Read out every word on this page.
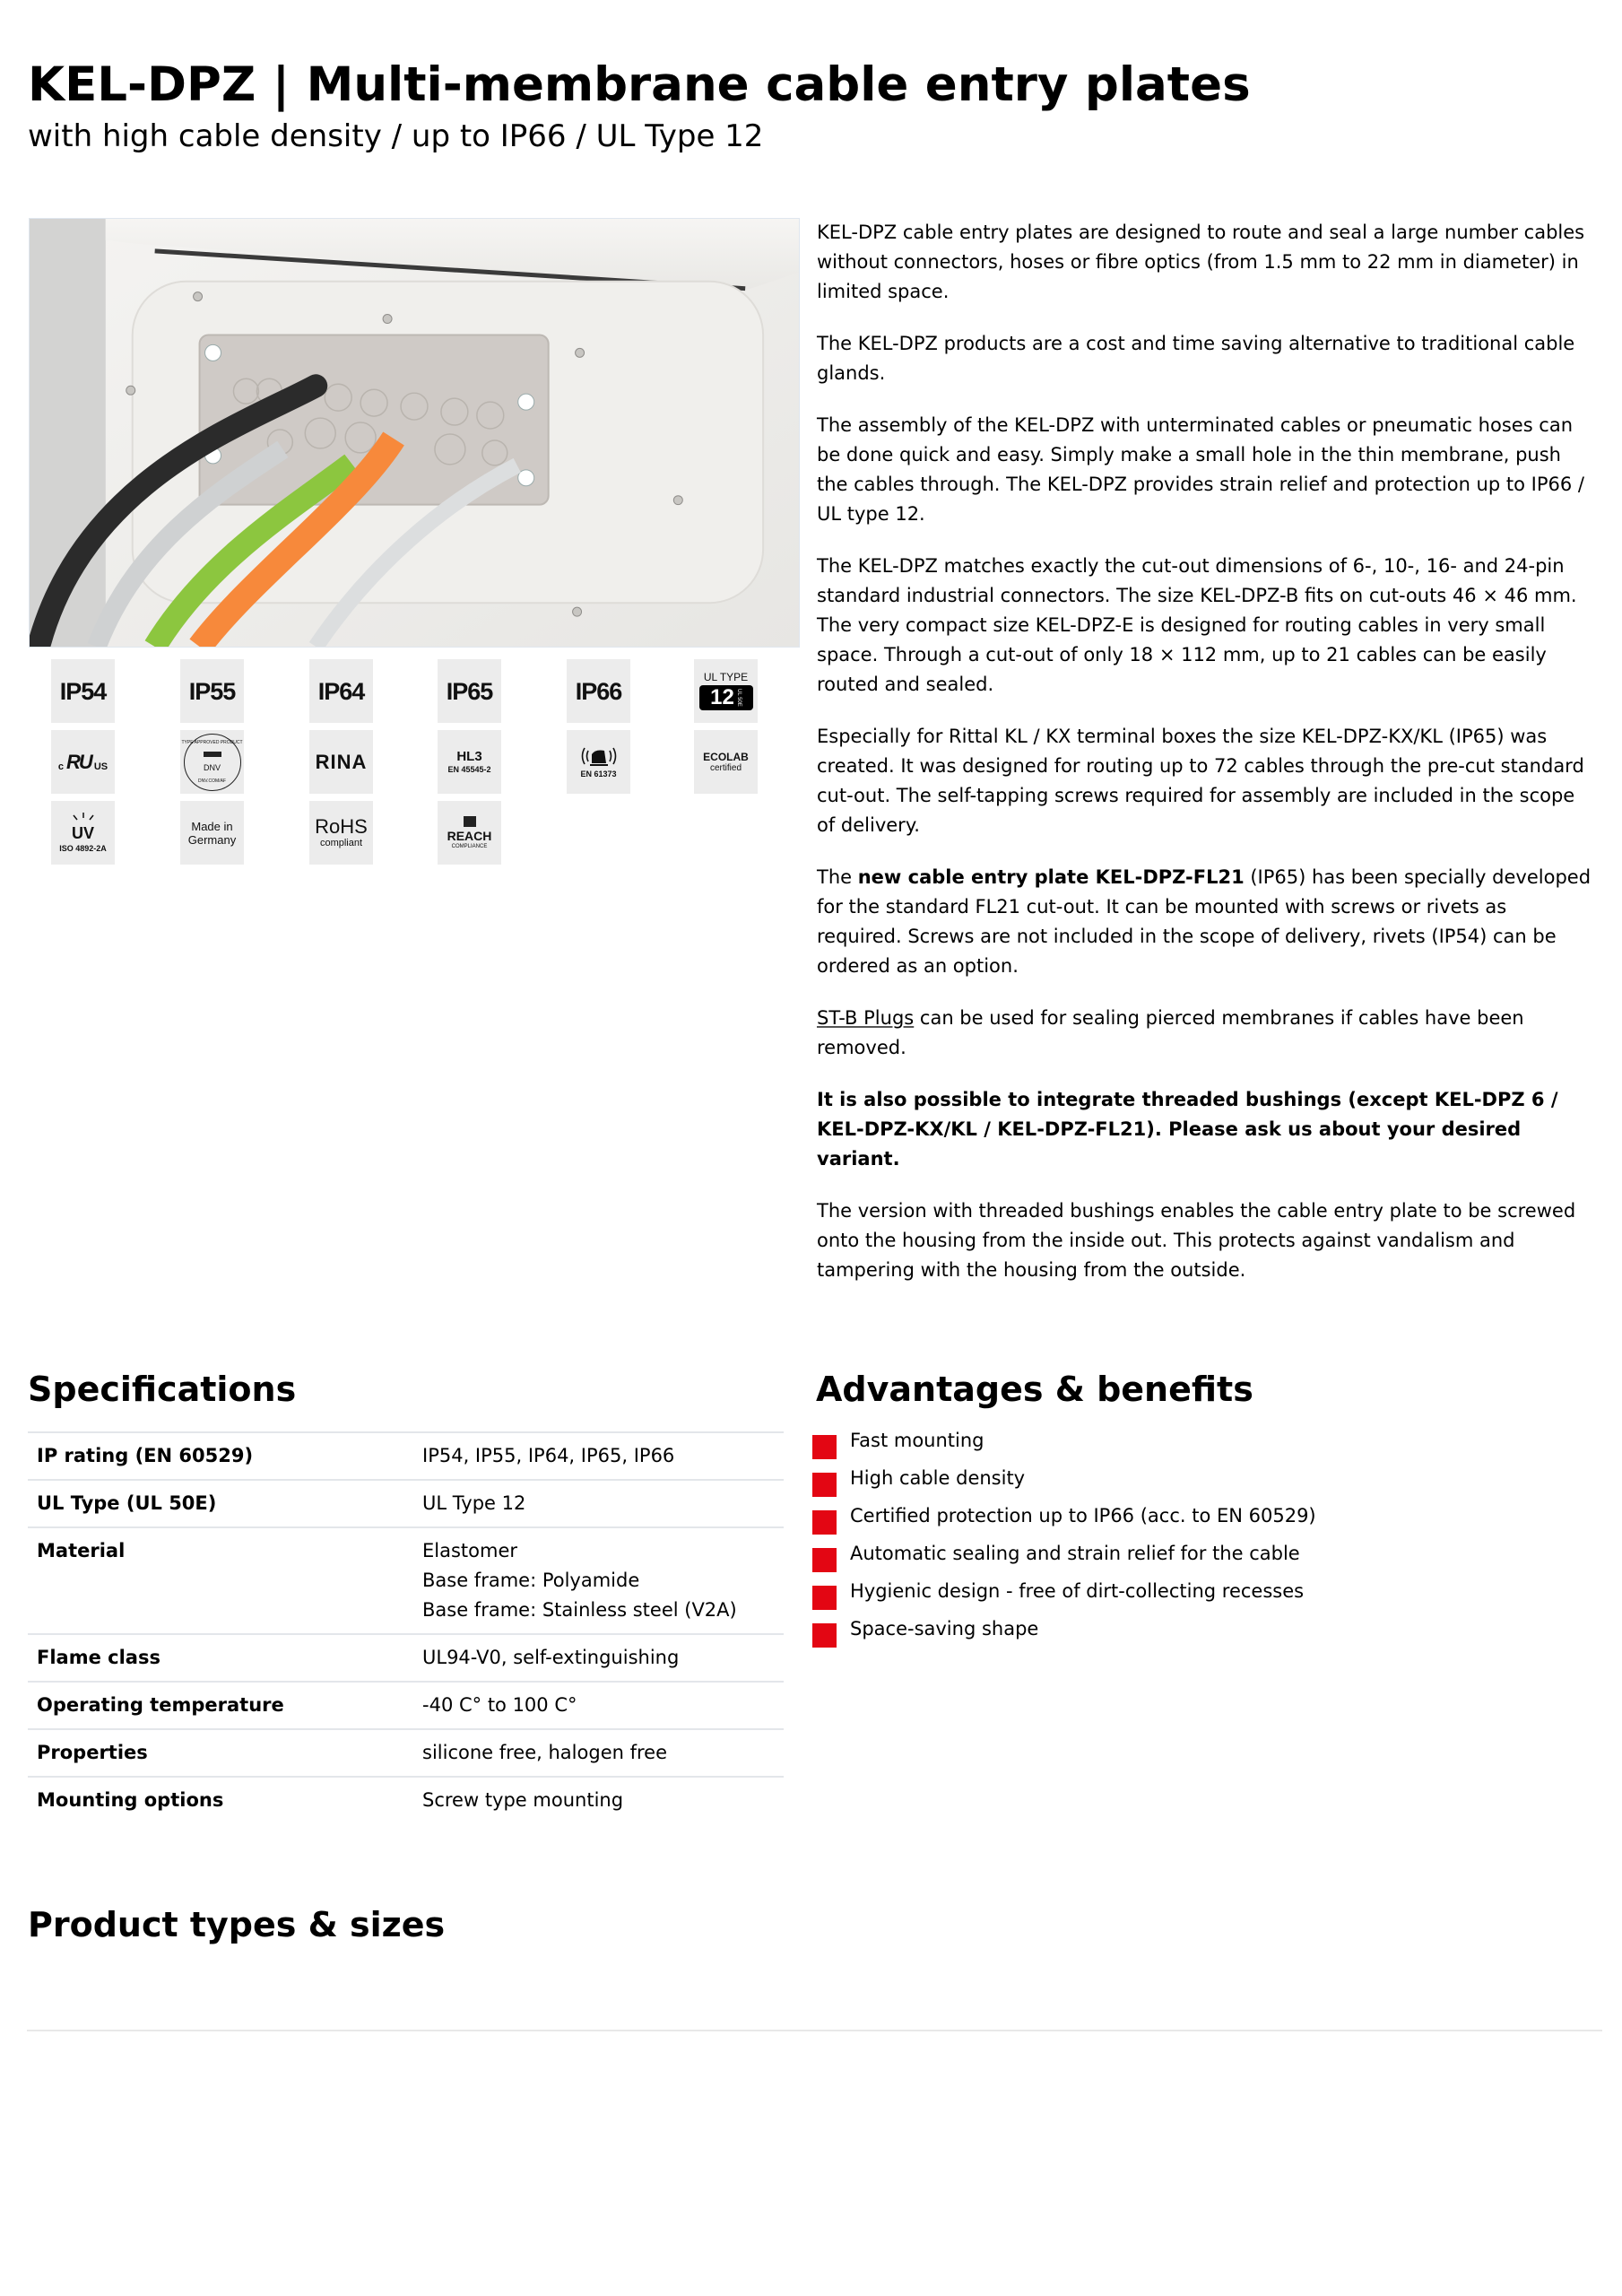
KEL-DPZ | Multi-membrane cable entry plates
with high cable density / up to IP66 / UL Type 12
IP54	IP55	IP64	IP65	IP66
UL TYPE
12 UL 50E
c RU US
TYPE APPROVED PRODUCT
DNV
DNV.COM/AF
RINA	HL3
EN 45545-2	EN 61373
ECOLAB
certified
UV
ISO 4892-2A
Made in
Germany
RoHS
compliant
REACH
COMPLIANCE

KEL-DPZ cable entry plates are designed to route and seal a large number cables without connectors, hoses or fibre optics (from 1.5 mm to 22 mm in diameter) in limited space.

The KEL-DPZ products are a cost and time saving alternative to traditional cable glands.

The assembly of the KEL-DPZ with unterminated cables or pneumatic hoses can be done quick and easy. Simply make a small hole in the thin membrane, push the cables through. The KEL-DPZ provides strain relief and protection up to IP66 / UL type 12.

The KEL-DPZ matches exactly the cut-out dimensions of 6-, 10-, 16- and 24-pin standard industrial connectors. The size KEL-DPZ-B fits on cut-outs 46 × 46 mm. The very compact size KEL-DPZ-E is designed for routing cables in very small space. Through a cut-out of only 18 × 112 mm, up to 21 cables can be easily routed and sealed.

Especially for Rittal KL / KX terminal boxes the size KEL-DPZ-KX/KL (IP65) was created. It was designed for routing up to 72 cables through the pre-cut standard cut-out. The self-tapping screws required for assembly are included in the scope of delivery.

The new cable entry plate KEL-DPZ-FL21 (IP65) has been specially developed for the standard FL21 cut-out. It can be mounted with screws or rivets as required. Screws are not included in the scope of delivery, rivets (IP54) can be ordered as an option.

ST-B Plugs can be used for sealing pierced membranes if cables have been removed.

It is also possible to integrate threaded bushings (except KEL-DPZ 6 / KEL-DPZ-KX/KL / KEL-DPZ-FL21). Please ask us about your desired variant.

The version with threaded bushings enables the cable entry plate to be screwed onto the housing from the inside out. This protects against vandalism and tampering with the housing from the outside.

Specifications
IP rating (EN 60529)	IP54, IP55, IP64, IP65, IP66

UL Type (UL 50E)	UL Type 12

Material	Elastomer
Base frame: Polyamide
Base frame: Stainless steel (V2A)

Flame class	UL94-V0, self-extinguishing

Operating temperature	-40 C° to 100 C°

Properties	silicone free, halogen free

Mounting options	Screw type mounting
Advantages & benefits
Fast mounting
High cable density
Certified protection up to IP66 (acc. to EN 60529)
Automatic sealing and strain relief for the cable
Hygienic design - free of dirt-collecting recesses
Space-saving shape
Product types & sizes
